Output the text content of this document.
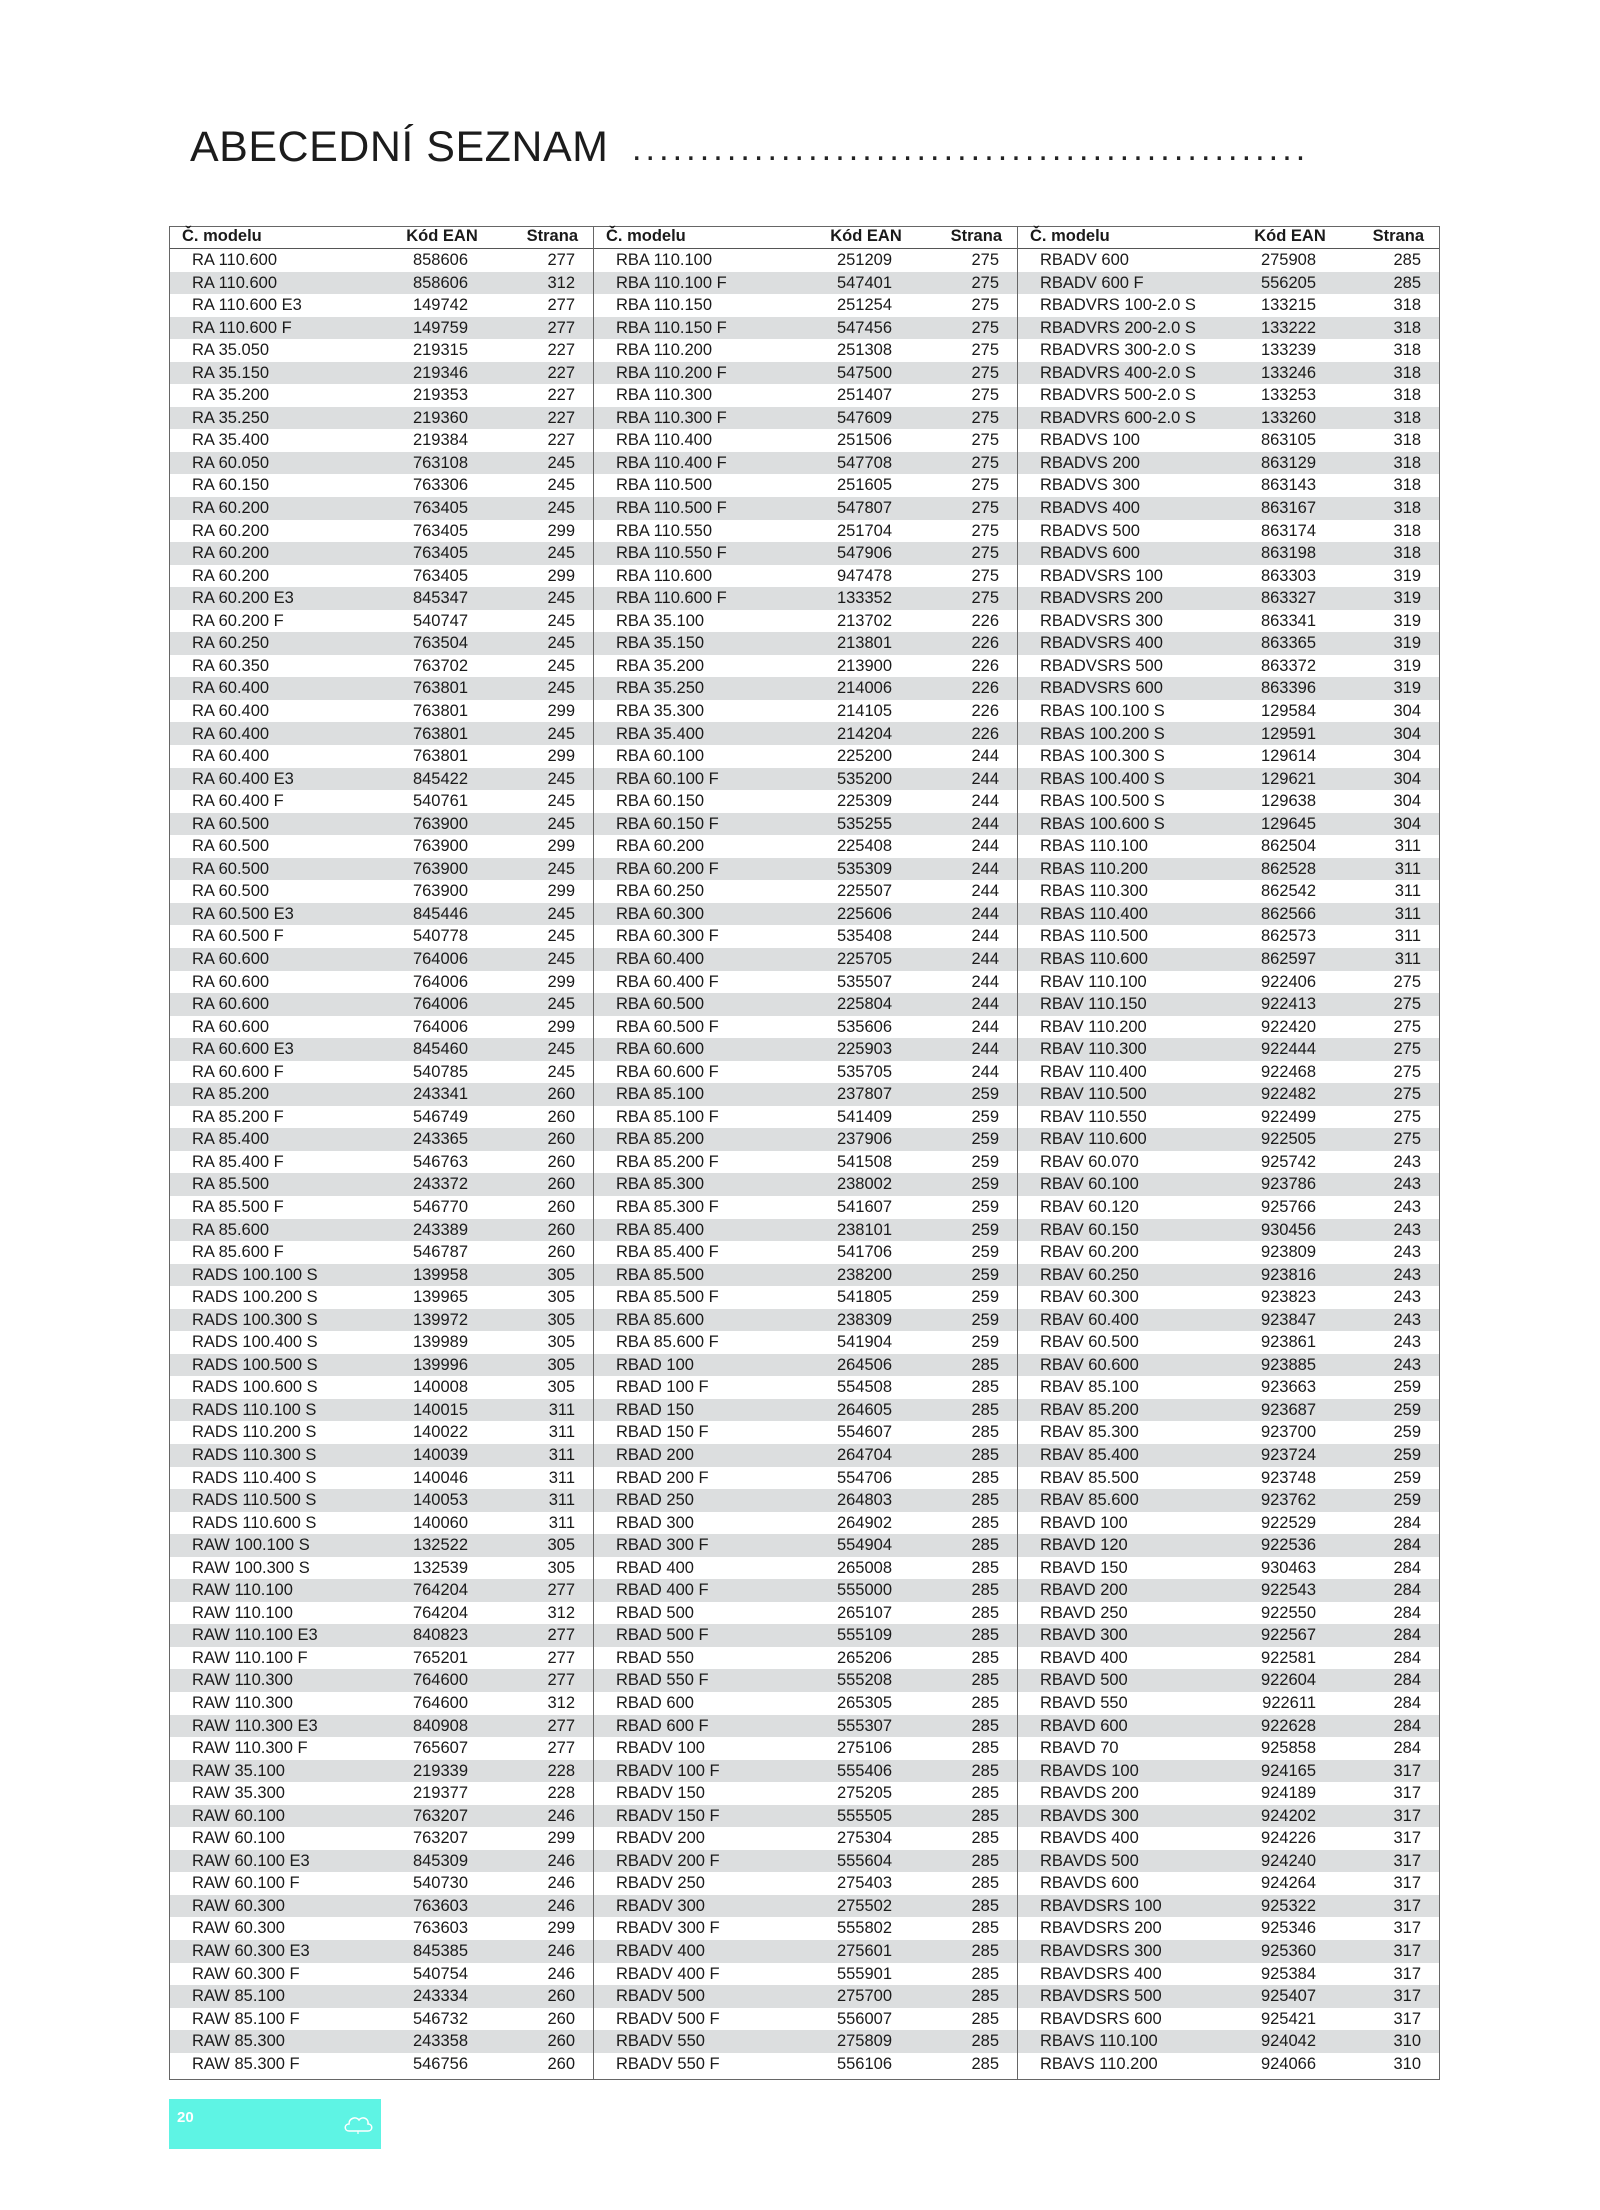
ABECEDNÍ SEZNAM ..................................................
Č. modelu	Kód EAN	Strana
RA 110.600	858606	277
RA 110.600	858606	312
RA 110.600 E3	149742	277
RA 110.600 F	149759	277
RA 35.050	219315	227
RA 35.150	219346	227
RA 35.200	219353	227
RA 35.250	219360	227
RA 35.400	219384	227
RA 60.050	763108	245
RA 60.150	763306	245
RA 60.200	763405	245
RA 60.200	763405	299
RA 60.200	763405	245
RA 60.200	763405	299
RA 60.200 E3	845347	245
RA 60.200 F	540747	245
RA 60.250	763504	245
RA 60.350	763702	245
RA 60.400	763801	245
RA 60.400	763801	299
RA 60.400	763801	245
RA 60.400	763801	299
RA 60.400 E3	845422	245
RA 60.400 F	540761	245
RA 60.500	763900	245
RA 60.500	763900	299
RA 60.500	763900	245
RA 60.500	763900	299
RA 60.500 E3	845446	245
RA 60.500 F	540778	245
RA 60.600	764006	245
RA 60.600	764006	299
RA 60.600	764006	245
RA 60.600	764006	299
RA 60.600 E3	845460	245
RA 60.600 F	540785	245
RA 85.200	243341	260
RA 85.200 F	546749	260
RA 85.400	243365	260
RA 85.400 F	546763	260
RA 85.500	243372	260
RA 85.500 F	546770	260
RA 85.600	243389	260
RA 85.600 F	546787	260
RADS 100.100 S	139958	305
RADS 100.200 S	139965	305
RADS 100.300 S	139972	305
RADS 100.400 S	139989	305
RADS 100.500 S	139996	305
RADS 100.600 S	140008	305
RADS 110.100 S	140015	311
RADS 110.200 S	140022	311
RADS 110.300 S	140039	311
RADS 110.400 S	140046	311
RADS 110.500 S	140053	311
RADS 110.600 S	140060	311
RAW 100.100 S	132522	305
RAW 100.300 S	132539	305
RAW 110.100	764204	277
RAW 110.100	764204	312
RAW 110.100 E3	840823	277
RAW 110.100 F	765201	277
RAW 110.300	764600	277
RAW 110.300	764600	312
RAW 110.300 E3	840908	277
RAW 110.300 F	765607	277
RAW 35.100	219339	228
RAW 35.300	219377	228
RAW 60.100	763207	246
RAW 60.100	763207	299
RAW 60.100 E3	845309	246
RAW 60.100 F	540730	246
RAW 60.300	763603	246
RAW 60.300	763603	299
RAW 60.300 E3	845385	246
RAW 60.300 F	540754	246
RAW 85.100	243334	260
RAW 85.100 F	546732	260
RAW 85.300	243358	260
RAW 85.300 F	546756	260
Č. modelu	Kód EAN	Strana
RBA 110.100	251209	275
RBA 110.100 F	547401	275
RBA 110.150	251254	275
RBA 110.150 F	547456	275
RBA 110.200	251308	275
RBA 110.200 F	547500	275
RBA 110.300	251407	275
RBA 110.300 F	547609	275
RBA 110.400	251506	275
RBA 110.400 F	547708	275
RBA 110.500	251605	275
RBA 110.500 F	547807	275
RBA 110.550	251704	275
RBA 110.550 F	547906	275
RBA 110.600	947478	275
RBA 110.600 F	133352	275
RBA 35.100	213702	226
RBA 35.150	213801	226
RBA 35.200	213900	226
RBA 35.250	214006	226
RBA 35.300	214105	226
RBA 35.400	214204	226
RBA 60.100	225200	244
RBA 60.100 F	535200	244
RBA 60.150	225309	244
RBA 60.150 F	535255	244
RBA 60.200	225408	244
RBA 60.200 F	535309	244
RBA 60.250	225507	244
RBA 60.300	225606	244
RBA 60.300 F	535408	244
RBA 60.400	225705	244
RBA 60.400 F	535507	244
RBA 60.500	225804	244
RBA 60.500 F	535606	244
RBA 60.600	225903	244
RBA 60.600 F	535705	244
RBA 85.100	237807	259
RBA 85.100 F	541409	259
RBA 85.200	237906	259
RBA 85.200 F	541508	259
RBA 85.300	238002	259
RBA 85.300 F	541607	259
RBA 85.400	238101	259
RBA 85.400 F	541706	259
RBA 85.500	238200	259
RBA 85.500 F	541805	259
RBA 85.600	238309	259
RBA 85.600 F	541904	259
RBAD 100	264506	285
RBAD 100 F	554508	285
RBAD 150	264605	285
RBAD 150 F	554607	285
RBAD 200	264704	285
RBAD 200 F	554706	285
RBAD 250	264803	285
RBAD 300	264902	285
RBAD 300 F	554904	285
RBAD 400	265008	285
RBAD 400 F	555000	285
RBAD 500	265107	285
RBAD 500 F	555109	285
RBAD 550	265206	285
RBAD 550 F	555208	285
RBAD 600	265305	285
RBAD 600 F	555307	285
RBADV 100	275106	285
RBADV 100 F	555406	285
RBADV 150	275205	285
RBADV 150 F	555505	285
RBADV 200	275304	285
RBADV 200 F	555604	285
RBADV 250	275403	285
RBADV 300	275502	285
RBADV 300 F	555802	285
RBADV 400	275601	285
RBADV 400 F	555901	285
RBADV 500	275700	285
RBADV 500 F	556007	285
RBADV 550	275809	285
RBADV 550 F	556106	285
Č. modelu	Kód EAN	Strana
RBADV 600	275908	285
RBADV 600 F	556205	285
RBADVRS 100-2.0 S	133215	318
RBADVRS 200-2.0 S	133222	318
RBADVRS 300-2.0 S	133239	318
RBADVRS 400-2.0 S	133246	318
RBADVRS 500-2.0 S	133253	318
RBADVRS 600-2.0 S	133260	318
RBADVS 100	863105	318
RBADVS 200	863129	318
RBADVS 300	863143	318
RBADVS 400	863167	318
RBADVS 500	863174	318
RBADVS 600	863198	318
RBADVSRS 100	863303	319
RBADVSRS 200	863327	319
RBADVSRS 300	863341	319
RBADVSRS 400	863365	319
RBADVSRS 500	863372	319
RBADVSRS 600	863396	319
RBAS 100.100 S	129584	304
RBAS 100.200 S	129591	304
RBAS 100.300 S	129614	304
RBAS 100.400 S	129621	304
RBAS 100.500 S	129638	304
RBAS 100.600 S	129645	304
RBAS 110.100	862504	311
RBAS 110.200	862528	311
RBAS 110.300	862542	311
RBAS 110.400	862566	311
RBAS 110.500	862573	311
RBAS 110.600	862597	311
RBAV 110.100	922406	275
RBAV 110.150	922413	275
RBAV 110.200	922420	275
RBAV 110.300	922444	275
RBAV 110.400	922468	275
RBAV 110.500	922482	275
RBAV 110.550	922499	275
RBAV 110.600	922505	275
RBAV 60.070	925742	243
RBAV 60.100	923786	243
RBAV 60.120	925766	243
RBAV 60.150	930456	243
RBAV 60.200	923809	243
RBAV 60.250	923816	243
RBAV 60.300	923823	243
RBAV 60.400	923847	243
RBAV 60.500	923861	243
RBAV 60.600	923885	243
RBAV 85.100	923663	259
RBAV 85.200	923687	259
RBAV 85.300	923700	259
RBAV 85.400	923724	259
RBAV 85.500	923748	259
RBAV 85.600	923762	259
RBAVD 100	922529	284
RBAVD 120	922536	284
RBAVD 150	930463	284
RBAVD 200	922543	284
RBAVD 250	922550	284
RBAVD 300	922567	284
RBAVD 400	922581	284
RBAVD 500	922604	284
RBAVD 550	922611	284
RBAVD 600	922628	284
RBAVD 70	925858	284
RBAVDS 100	924165	317
RBAVDS 200	924189	317
RBAVDS 300	924202	317
RBAVDS 400	924226	317
RBAVDS 500	924240	317
RBAVDS 600	924264	317
RBAVDSRS 100	925322	317
RBAVDSRS 200	925346	317
RBAVDSRS 300	925360	317
RBAVDSRS 400	925384	317
RBAVDSRS 500	925407	317
RBAVDSRS 600	925421	317
RBAVS 110.100	924042	310
RBAVS 110.200	924066	310
20
